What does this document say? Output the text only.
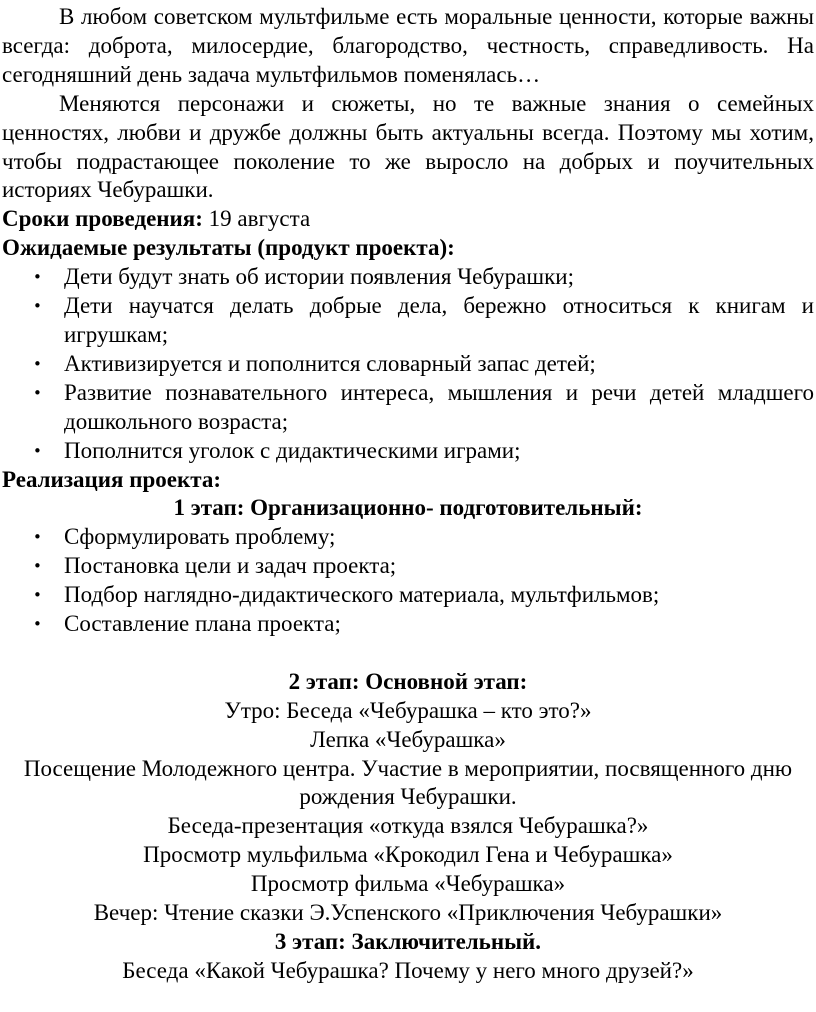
В любом советском мультфильме есть моральные ценности, которые важны всегда: доброта, милосердие, благородство, честность, справедливость. На сегодняшний день задача мультфильмов поменялась…

Меняются персонажи и сюжеты, но те важные знания о семейных ценностях, любви и дружбе должны быть актуальны всегда. Поэтому мы хотим, чтобы подрастающее поколение то же выросло на добрых и поучительных историях Чебурашки.

Сроки проведения: 19 августа

Ожидаемые результаты (продукт проекта):

• Дети будут знать об истории появления Чебурашки;
• Дети научатся делать добрые дела, бережно относиться к книгам и игрушкам;
• Активизируется и пополнится словарный запас детей;
• Развитие познавательного интереса, мышления и речи детей младшего дошкольного возраста;
• Пополнится уголок с дидактическими играми;

Реализация проекта:

1 этап: Организационно- подготовительный:

• Сформулировать проблему;
• Постановка цели и задач проекта;
• Подбор наглядно-дидактического материала, мультфильмов;
• Составление плана проекта;

2 этап: Основной этап:

Утро: Беседа «Чебурашка – кто это?»

Лепка «Чебурашка»

Посещение Молодежного центра. Участие в мероприятии, посвященного дню рождения Чебурашки.

Беседа-презентация «откуда взялся Чебурашка?»

Просмотр мульфильма «Крокодил Гена и Чебурашка»

Просмотр фильма «Чебурашка»

Вечер: Чтение сказки Э.Успенского «Приключения Чебурашки»

3 этап: Заключительный.

Беседа «Какой Чебурашка? Почему у него много друзей?»
